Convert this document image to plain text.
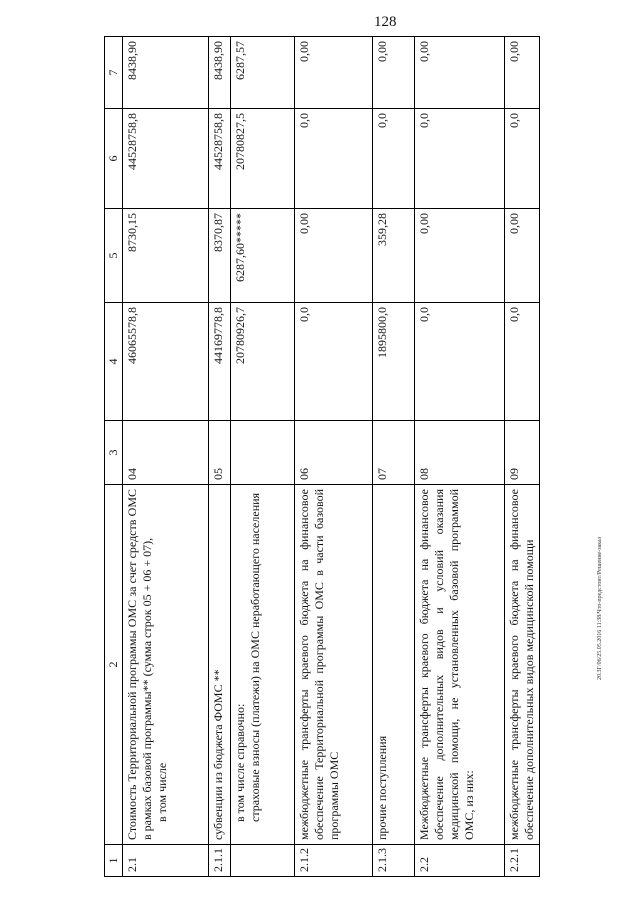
128
20.3Г/06/25.05.2016 11:38/Что-предстоит/Решение-заказ
1	2	3	4	5	6	7
2.1	Стоимость Территориальной программы ОМС за счет средств ОМС в рамках базовой программы** (сумма строк 05 + 06 + 07), в том числе	04	46065578,8	8730,15	44528758,8	8438,90
2.1.1	субвенции из бюджета ФОМС **	05	44169778,8	8370,87	44528758,8	8438,90

	в том числе справочно: страховые взносы (платежи) на ОМС неработающего населения		20780926,7	6287,60*****	20780827,5	6287,57
2.1.2	межбюджетные трансферты краевого бюджета на финансовое обеспечение Территориальной программы ОМС в части базовой программы ОМС	06	0,0	0,00	0,0	0,00
2.1.3	прочие поступления	07	1895800,0	359,28	0,0	0,00
2.2	Межбюджетные трансферты краевого бюджета на финансовое обеспечение дополнительных видов и условий оказания медицинской помощи, не установленных базовой программой ОМС, из них:	08	0,0	0,00	0,0	0,00
2.2.1	межбюджетные трансферты краевого бюджета на финансовое обеспечение дополнительных видов медицинской помощи	09	0,0	0,00	0,0	0,00
